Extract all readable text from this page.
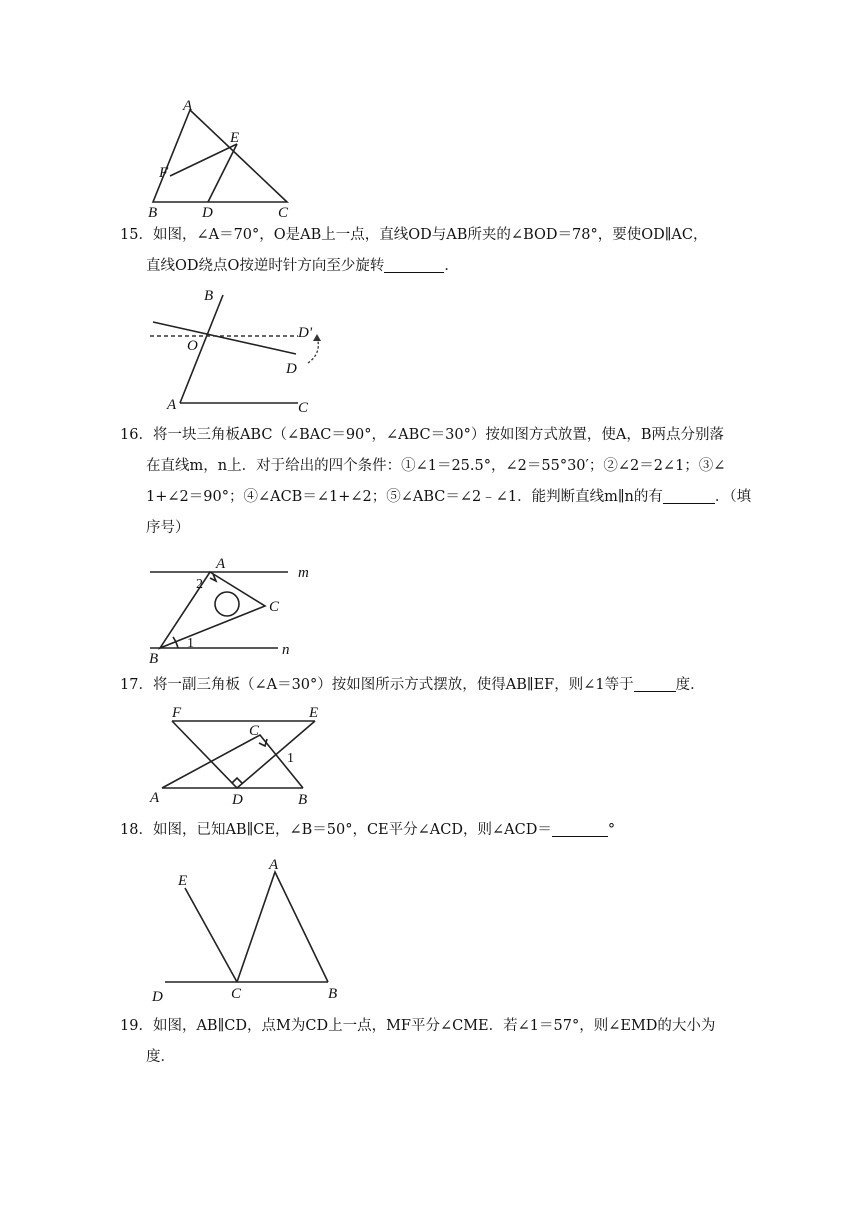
A
E
F
B	D	C
15．如图，∠A＝70°，O是AB上一点，直线OD与AB所夹的∠BOD＝78°，要使OD∥AC，
直线OD绕点O按逆时针方向至少旋转	．
B
D'
O
D
A	C
16．将一块三角板ABC（∠BAC＝90°，∠ABC＝30°）按如图方式放置，使A，B两点分别落
在直线m，n上．对于给出的四个条件：①∠1＝25.5°，∠2＝55°30′；②∠2＝2∠1；③∠
1+∠2＝90°；④∠ACB＝∠1+∠2；⑤∠ABC＝∠2﹣∠1．能判断直线m∥n的有	．（填
序号）
A
m
2
C
1
B
n
17．将一副三角板（∠A＝30°）按如图所示方式摆放，使得AB∥EF，则∠1等于	度．
F	E
C
1
A	D	B
18．如图，已知AB∥CE，∠B＝50°，CE平分∠ACD，则∠ACD＝	°
A
E
D	C	B
19．如图，AB∥CD，点M为CD上一点，MF平分∠CME．若∠1＝57°，则∠EMD的大小为
度．
